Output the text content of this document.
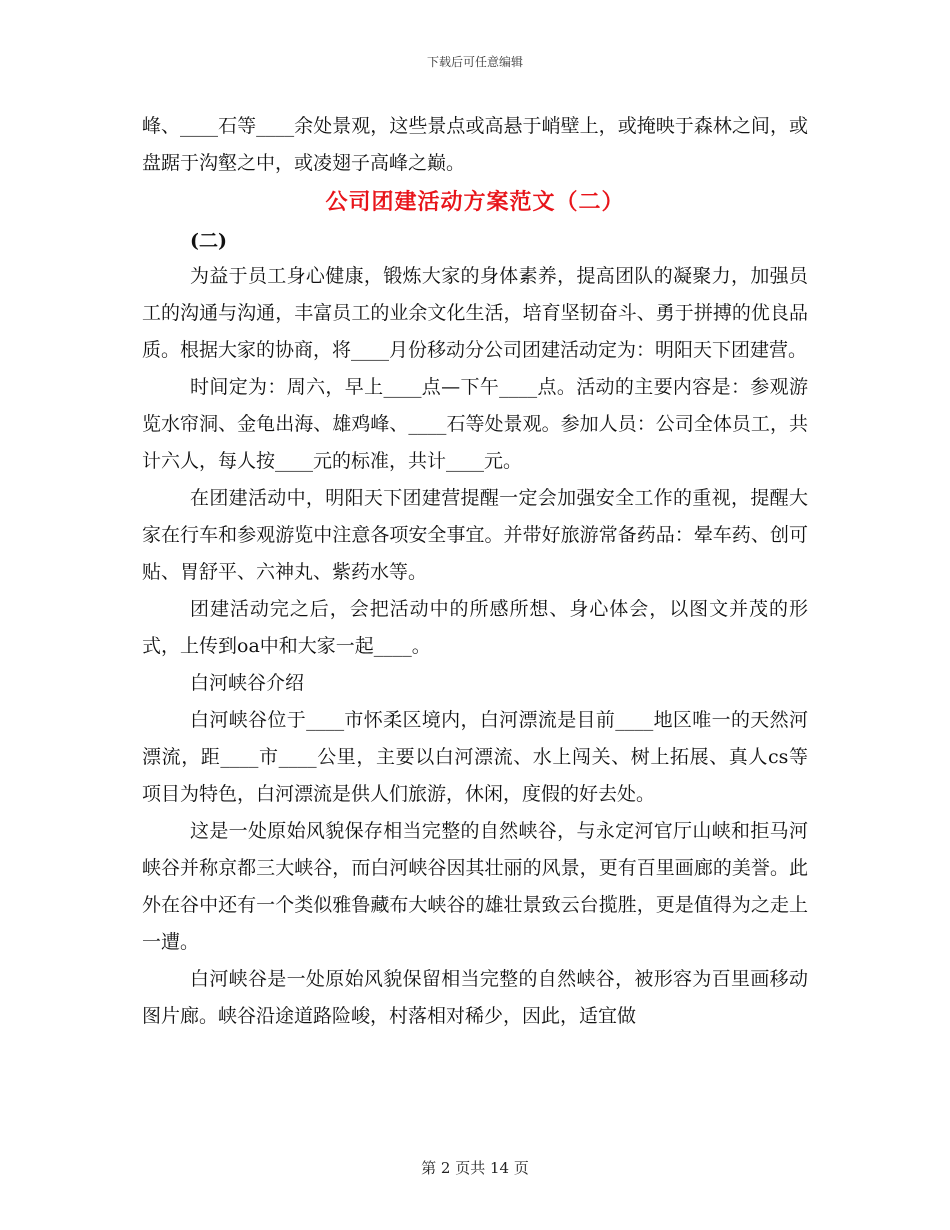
下载后可任意编辑

峰、____石等____余处景观，这些景点或高悬于峭壁上，或掩映于森林之间，或盘踞于沟壑之中，或凌翅子高峰之巅。

公司团建活动方案范文（二）

(二)

为益于员工身心健康，锻炼大家的身体素养，提高团队的凝聚力，加强员工的沟通与沟通，丰富员工的业余文化生活，培育坚韧奋斗、勇于拼搏的优良品质。根据大家的协商，将____月份移动分公司团建活动定为：明阳天下团建营。

时间定为：周六，早上____点—下午____点。活动的主要内容是：参观游览水帘洞、金龟出海、雄鸡峰、____石等处景观。参加人员：公司全体员工，共计六人，每人按____元的标准，共计____元。

在团建活动中，明阳天下团建营提醒一定会加强安全工作的重视，提醒大家在行车和参观游览中注意各项安全事宜。并带好旅游常备药品：晕车药、创可贴、胃舒平、六神丸、紫药水等。

团建活动完之后，会把活动中的所感所想、身心体会，以图文并茂的形式，上传到oa中和大家一起____。

白河峡谷介绍

白河峡谷位于____市怀柔区境内，白河漂流是目前____地区唯一的天然河漂流，距____市____公里，主要以白河漂流、水上闯关、树上拓展、真人cs等项目为特色，白河漂流是供人们旅游，休闲，度假的好去处。

这是一处原始风貌保存相当完整的自然峡谷，与永定河官厅山峡和拒马河峡谷并称京都三大峡谷，而白河峡谷因其壮丽的风景，更有百里画廊的美誉。此外在谷中还有一个类似雅鲁藏布大峡谷的雄壮景致云台揽胜，更是值得为之走上一遭。

白河峡谷是一处原始风貌保留相当完整的自然峡谷，被形容为百里画移动图片廊。峡谷沿途道路险峻，村落相对稀少，因此，适宜做

第 2 页共 14 页
